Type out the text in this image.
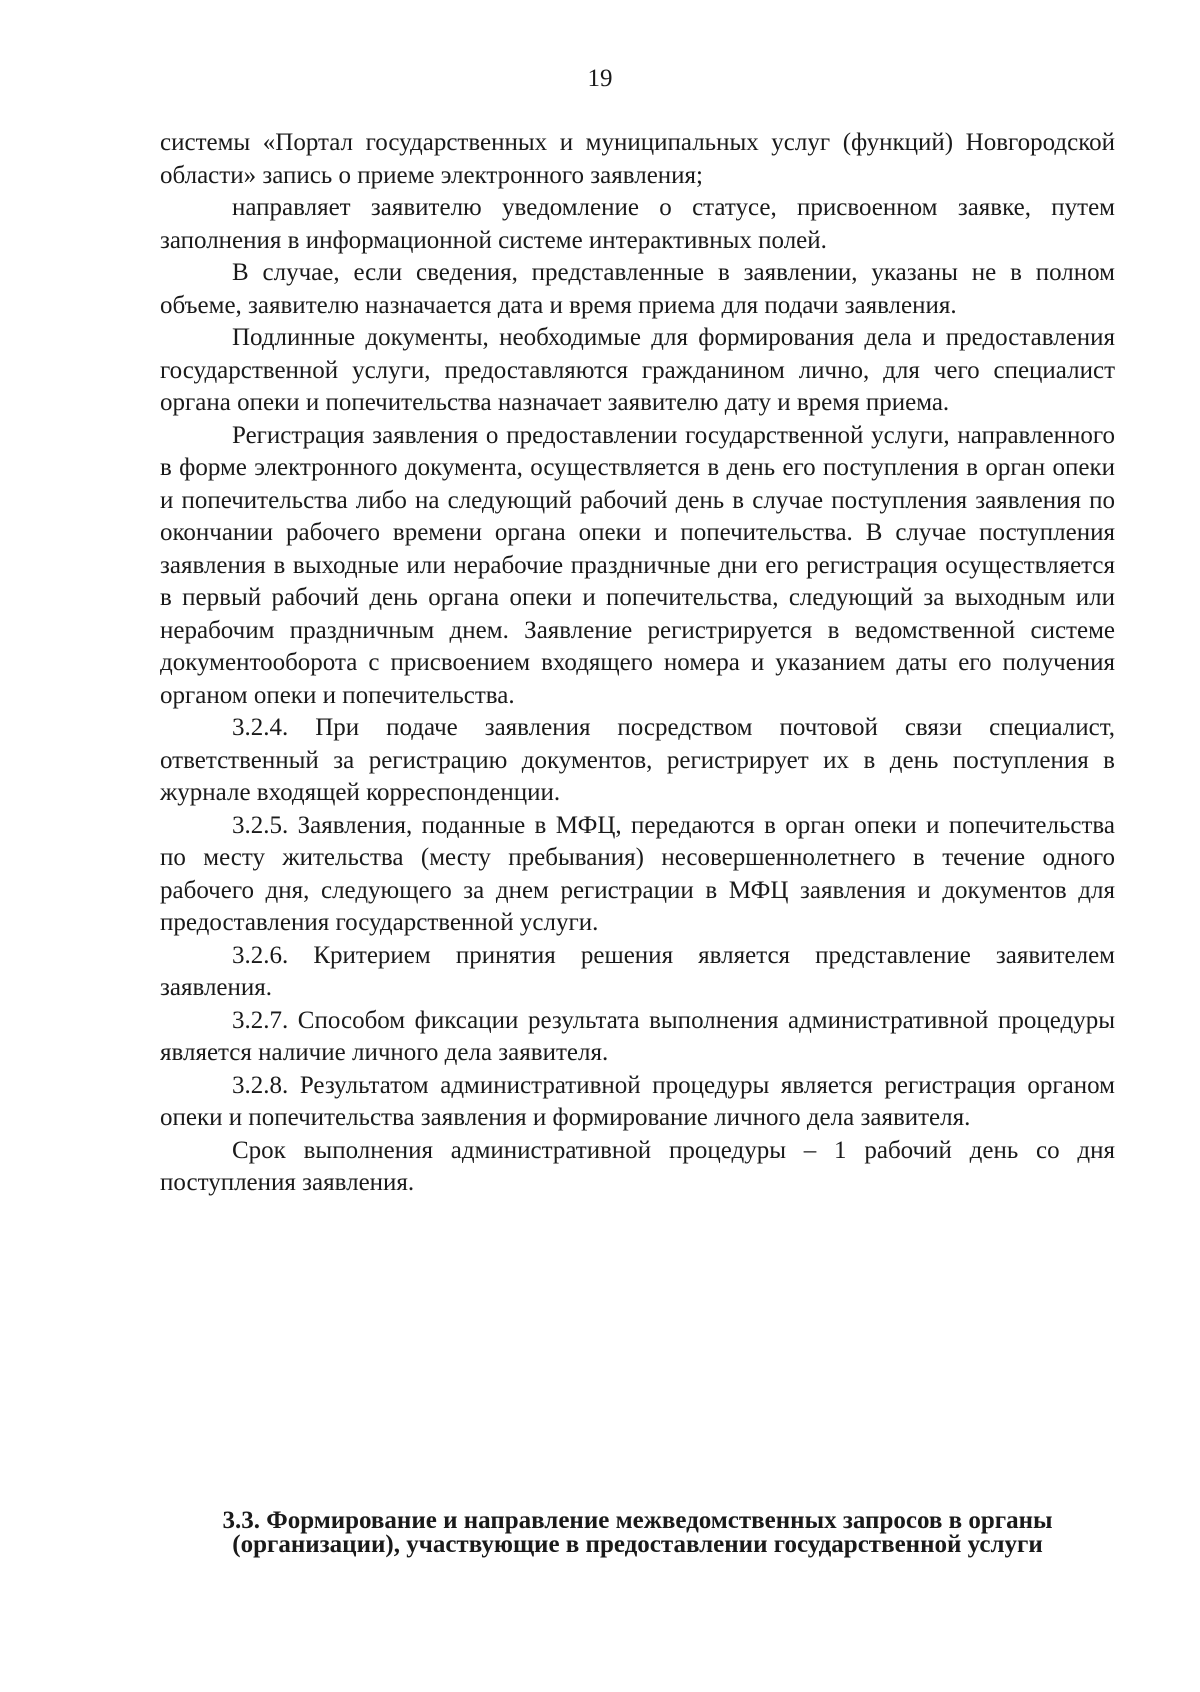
19

системы «Портал государственных и муниципальных услуг (функций) Новгородской области» запись о приеме электронного заявления;

направляет заявителю уведомление о статусе, присвоенном заявке, путем заполнения в информационной системе интерактивных полей.

В случае, если сведения, представленные в заявлении, указаны не в полном объеме, заявителю назначается дата и время приема для подачи заявления.

Подлинные документы, необходимые для формирования дела и предоставления государственной услуги, предоставляются гражданином лично, для чего специалист органа опеки и попечительства назначает заявителю дату и время приема.

Регистрация заявления о предоставлении государственной услуги, направленного в форме электронного документа, осуществляется в день его поступления в орган опеки и попечительства либо на следующий рабочий день в случае поступления заявления по окончании рабочего времени органа опеки и попечительства. В случае поступления заявления в выходные или нерабочие праздничные дни его регистрация осуществляется в первый рабочий день органа опеки и попечительства, следующий за выходным или нерабочим праздничным днем. Заявление регистрируется в ведомственной системе документооборота с присвоением входящего номера и указанием даты его получения органом опеки и попечительства.

3.2.4. При подаче заявления посредством почтовой связи специалист, ответственный за регистрацию документов, регистрирует их в день поступления в журнале входящей корреспонденции.

3.2.5. Заявления, поданные в МФЦ, передаются в орган опеки и попечительства по месту жительства (месту пребывания) несовершеннолетнего в течение одного рабочего дня, следующего за днем регистрации в МФЦ заявления и документов для предоставления государственной услуги.

3.2.6. Критерием принятия решения является представление заявителем заявления.

3.2.7. Способом фиксации результата выполнения административной процедуры является наличие личного дела заявителя.

3.2.8. Результатом административной процедуры является регистрация органом опеки и попечительства заявления и формирование личного дела заявителя.

Срок выполнения административной процедуры – 1 рабочий день со дня поступления заявления.

3.3. Формирование и направление межведомственных запросов в органы (организации), участвующие в предоставлении государственной услуги
